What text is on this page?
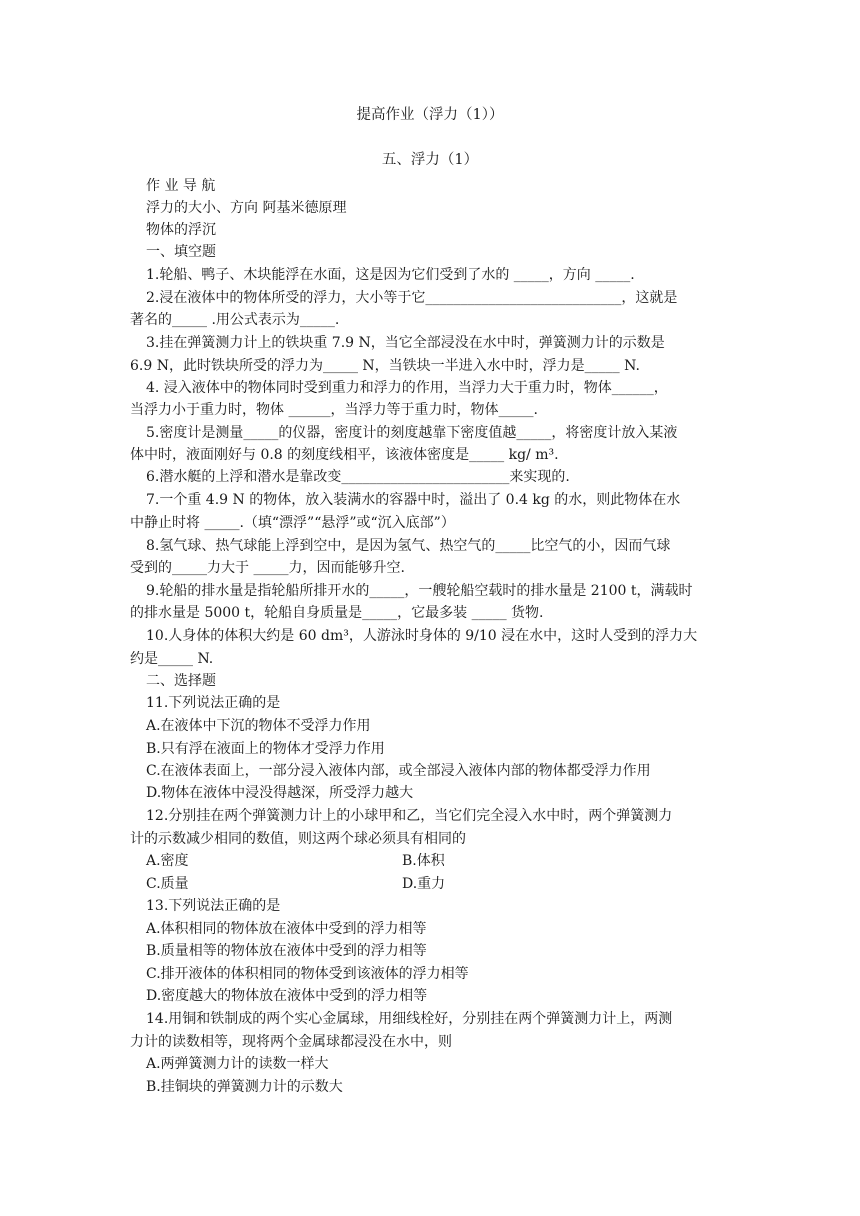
提高作业（浮力（1））
五、浮力（1）
作 业 导 航
浮力的大小、方向 阿基米德原理
物体的浮沉
一、填空题
1.轮船、鸭子、木块能浮在水面，这是因为它们受到了水的 _____，方向 _____.
2.浸在液体中的物体所受的浮力，大小等于它____________________________，这就是
著名的_____ .用公式表示为_____.
3.挂在弹簧测力计上的铁块重 7.9 N，当它全部浸没在水中时，弹簧测力计的示数是
6.9 N，此时铁块所受的浮力为_____ N，当铁块一半进入水中时，浮力是_____ N.
4. 浸入液体中的物体同时受到重力和浮力的作用，当浮力大于重力时，物体______，
当浮力小于重力时，物体 ______，当浮力等于重力时，物体_____.
5.密度计是测量_____的仪器，密度计的刻度越靠下密度值越_____，将密度计放入某液
体中时，液面刚好与 0.8 的刻度线相平，该液体密度是_____ kg/ m³.
6.潜水艇的上浮和潜水是靠改变________________________来实现的.
7.一个重 4.9 N 的物体，放入装满水的容器中时，溢出了 0.4 kg 的水，则此物体在水
中静止时将 _____.（填“漂浮”“悬浮”或“沉入底部”）
8.氢气球、热气球能上浮到空中，是因为氢气、热空气的_____比空气的小，因而气球
受到的_____力大于 _____力，因而能够升空.
9.轮船的排水量是指轮船所排开水的_____，一艘轮船空载时的排水量是 2100 t，满载时
的排水量是 5000 t，轮船自身质量是_____，它最多装 _____ 货物.
10.人身体的体积大约是 60 dm³，人游泳时身体的 9/10 浸在水中，这时人受到的浮力大
约是_____ N.
二、选择题
11.下列说法正确的是
A.在液体中下沉的物体不受浮力作用
B.只有浮在液面上的物体才受浮力作用
C.在液体表面上，一部分浸入液体内部，或全部浸入液体内部的物体都受浮力作用
D.物体在液体中浸没得越深，所受浮力越大
12.分别挂在两个弹簧测力计上的小球甲和乙，当它们完全浸入水中时，两个弹簧测力
计的示数减少相同的数值，则这两个球必须具有相同的
A.密度	B.体积
C.质量	D.重力
13.下列说法正确的是
A.体积相同的物体放在液体中受到的浮力相等
B.质量相等的物体放在液体中受到的浮力相等
C.排开液体的体积相同的物体受到该液体的浮力相等
D.密度越大的物体放在液体中受到的浮力相等
14.用铜和铁制成的两个实心金属球，用细线栓好，分别挂在两个弹簧测力计上，两测
力计的读数相等，现将两个金属球都浸没在水中，则
A.两弹簧测力计的读数一样大
B.挂铜块的弹簧测力计的示数大
